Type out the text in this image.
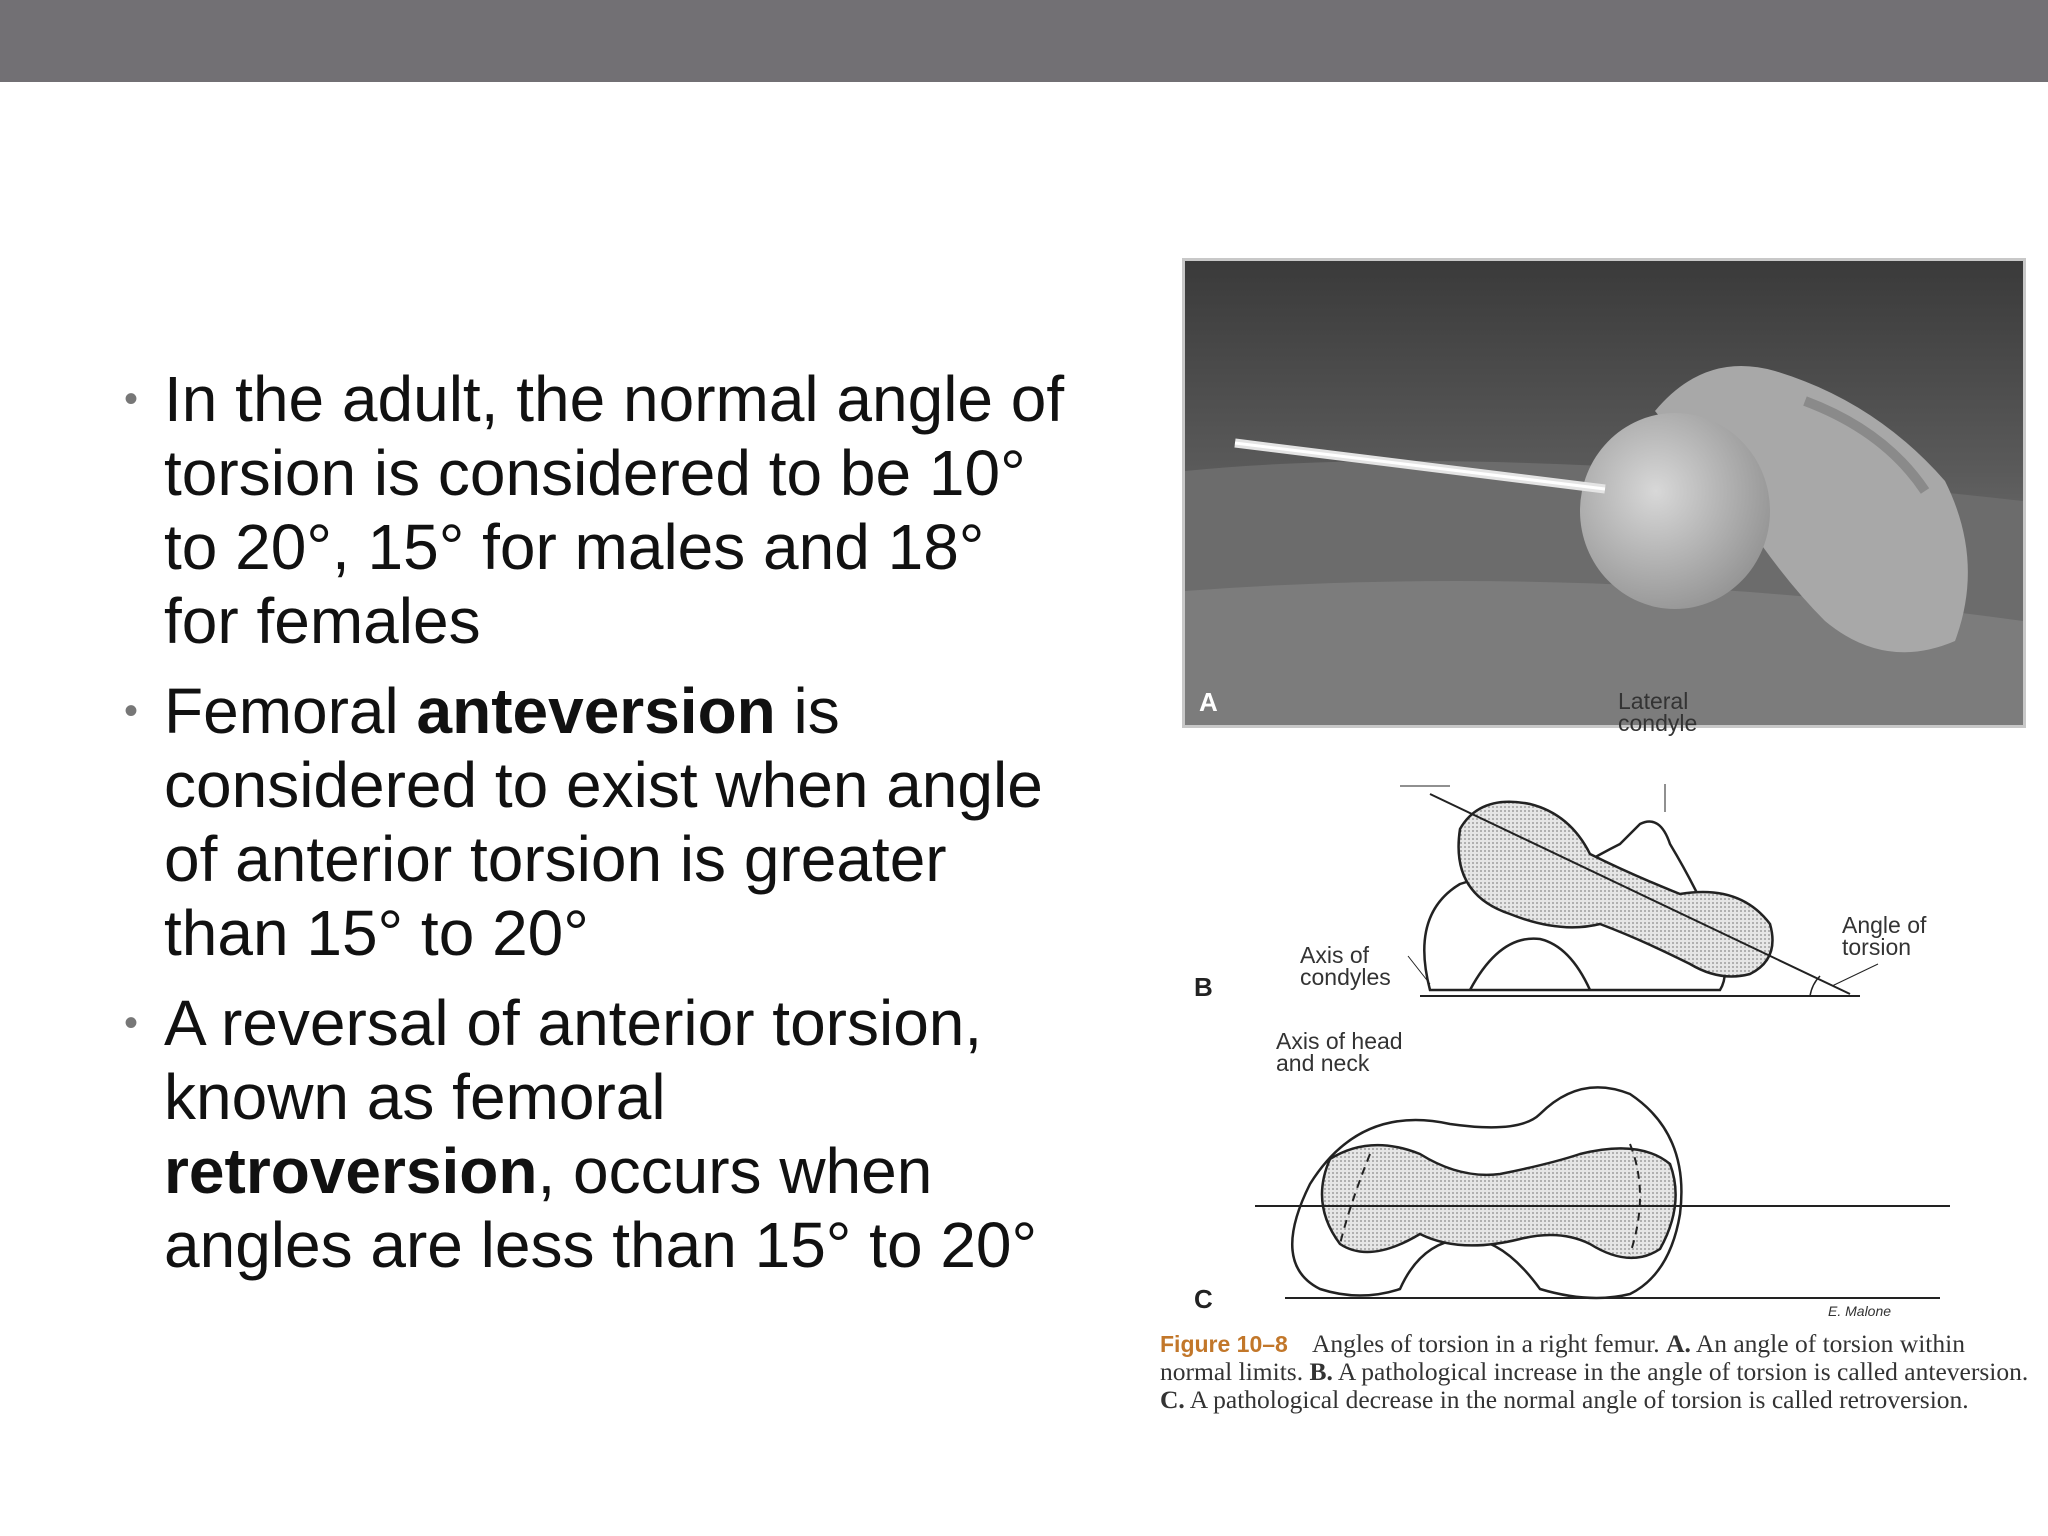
• In the adult, the normal angle of torsion is considered to be 10° to 20°, 15° for males and 18° for females
• Femoral anteversion is considered to exist when angle of anterior torsion is greater than 15° to 20°
• A reversal of anterior torsion, known as femoral retroversion, occurs when angles are less than 15° to 20°
A
B
Axis of head and neck
Lateral condyle
Angle of torsion
Axis of condyles
C	E. Malone
Figure 10–8 Angles of torsion in a right femur. A. An angle of torsion within normal limits. B. A pathological increase in the angle of torsion is called anteversion. C. A pathological decrease in the normal angle of torsion is called retroversion.
